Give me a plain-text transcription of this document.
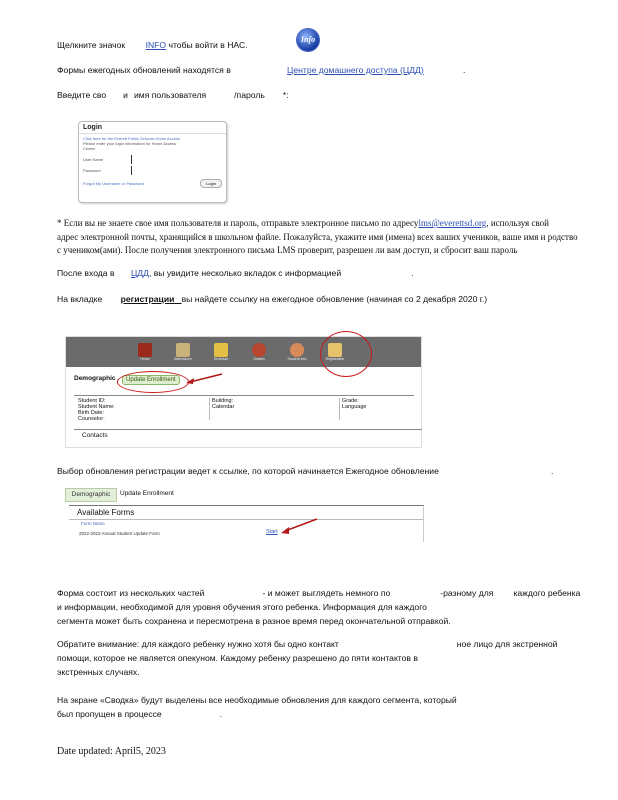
Щелкните значок INFO чтобы войти в НАС.
Info
Формы ежегодных обновлений находятся в	Центре домашнего доступа (ЦДД)	.
Введите сво и имя пользователя	/пароль *:
Login
Click here for the Everett Public Schools Home Access
Please enter your login information for Home Access
Center
User Name
Password
Forgot My Username or Password	Login
* Если вы не знаете свое имя пользователя и пароль, отправьте электронное письмо по адресуlms@everettsd.org, используя свой
адрес электронной почты, хранящийся в школьном файле. Пожалуйста, укажите имя (имена) всех ваших учеников, ваше имя и родство
с учеником(ами). После получения электронного письма LMS проверит, разрешен ли вам доступ, и сбросит ваш пароль
После входа в ЦДД, вы увидите несколько вкладок с информацией	.
На вкладке регистрации вы найдете ссылку на ежегодное обновление (начиная со 2 декабря 2020 г.)
Home	Attendance	Schedule	Grades	Student Info	Registration
Demographic	Update Enrollment
Student ID:
Student Name:
Birth Date:
Counselor:
Building:
Calendar
Grade:
Language
Contacts
Выбор обновления регистрации ведет к ссылке, по которой начинается Ежегодное обновление	.
Demographic	Update Enrollment
Available Forms
Form Name
2022-2023 Annual Student Update Form	Start
Форма состоит из нескольких частей	- и может выглядеть немного по	-разному для каждого ребенка
и информации, необходимой для уровня обучения этого ребенка. Информация для каждого
сегмента может быть сохранена и пересмотрена в разное время перед окончательной отправкой.
Обратите внимание: для каждого ребенку нужно хотя бы одно контакт	ное лицо для экстренной
помощи, которое не является опекуном. Каждому ребенку разрешено до пяти контактов в
экстренных случаях.
На экране «Сводка» будут выделены все необходимые обновления для каждого сегмента, который
был пропущен в процессе	.
Date updated: April5, 2023
